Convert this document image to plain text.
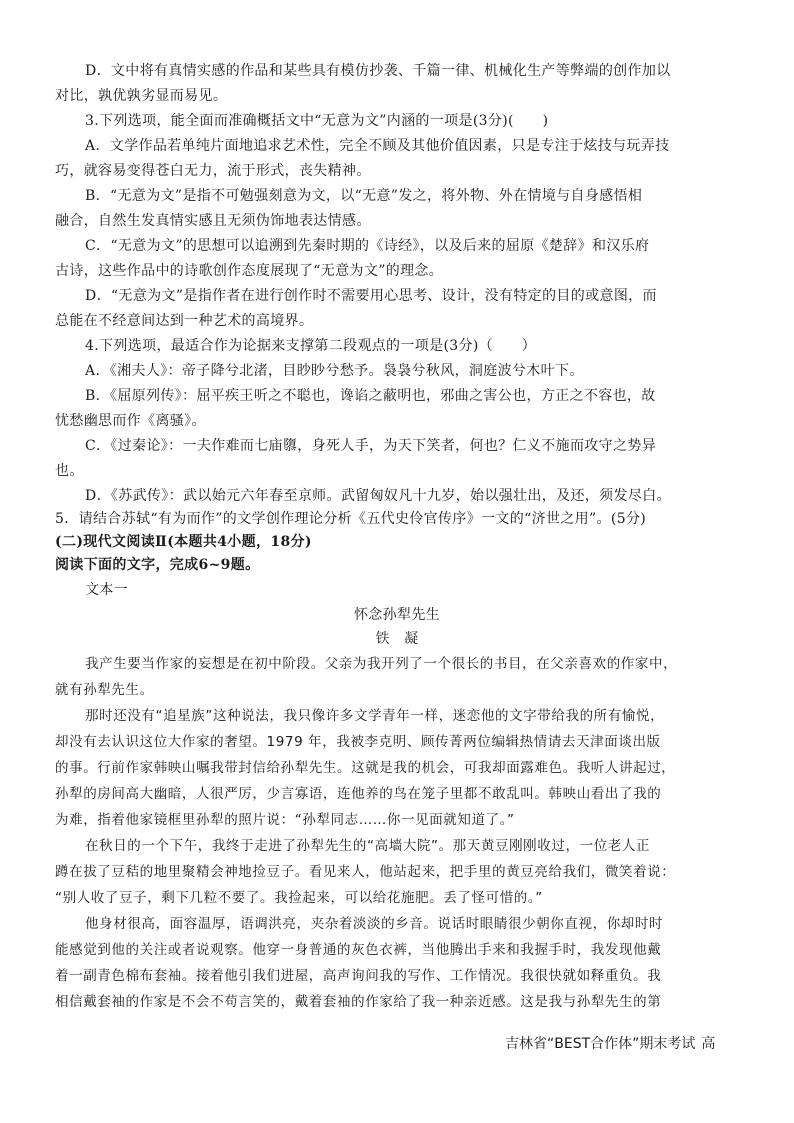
D．文中将有真情实感的作品和某些具有模仿抄袭、千篇一律、机械化生产等弊端的创作加以
对比，孰优孰劣显而易见。
3.下列选项，能全面而准确概括文中“无意为文”内涵的一项是(3分)(　　)
A．文学作品若单纯片面地追求艺术性，完全不顾及其他价值因素，只是专注于炫技与玩弄技
巧，就容易变得苍白无力，流于形式，丧失精神。
B．“无意为文”是指不可勉强刻意为文，以“无意”发之，将外物、外在情境与自身感悟相
融合，自然生发真情实感且无须伪饰地表达情感。
C．“无意为文”的思想可以追溯到先秦时期的《诗经》，以及后来的屈原《楚辞》和汉乐府
古诗，这些作品中的诗歌创作态度展现了“无意为文”的理念。
D．“无意为文”是指作者在进行创作时不需要用心思考、设计，没有特定的目的或意图，而
总能在不经意间达到一种艺术的高境界。
4.下列选项，最适合作为论据来支撑第二段观点的一项是(3分)（　　）
A．《湘夫人》：帝子降兮北渚，目眇眇兮愁予。袅袅兮秋风，洞庭波兮木叶下。
B．《屈原列传》：屈平疾王听之不聪也，谗谄之蔽明也，邪曲之害公也，方正之不容也，故
忧愁幽思而作《离骚》。
C．《过秦论》：一夫作难而七庙隳，身死人手，为天下笑者，何也？仁义不施而攻守之势异
也。
D．《苏武传》：武以始元六年春至京师。武留匈奴凡十九岁，始以强壮出，及还，须发尽白。
5．请结合苏轼“有为而作”的文学创作理论分析《五代史伶官传序》一文的“济世之用”。(5分)
(二)现代文阅读Ⅱ(本题共4小题，18分)
阅读下面的文字，完成6~9题。
文本一
怀念孙犁先生
铁　凝
我产生要当作家的妄想是在初中阶段。父亲为我开列了一个很长的书目，在父亲喜欢的作家中，
就有孙犁先生。
那时还没有“追星族”这种说法，我只像许多文学青年一样，迷恋他的文字带给我的所有愉悦，
却没有去认识这位大作家的奢望。1979 年，我被李克明、顾传菁两位编辑热情请去天津面谈出版
的事。行前作家韩映山嘱我带封信给孙犁先生。这就是我的机会，可我却面露难色。我听人讲起过，
孙犁的房间高大幽暗，人很严厉，少言寡语，连他养的鸟在笼子里都不敢乱叫。韩映山看出了我的
为难，指着他家镜框里孙犁的照片说：“孙犁同志……你一见面就知道了。”
在秋日的一个下午，我终于走进了孙犁先生的“高墙大院”。那天黄豆刚刚收过，一位老人正
蹲在拔了豆秸的地里聚精会神地捡豆子。看见来人，他站起来，把手里的黄豆亮给我们，微笑着说：
“别人收了豆子，剩下几粒不要了。我捡起来，可以给花施肥。丢了怪可惜的。”
他身材很高，面容温厚，语调洪亮，夹杂着淡淡的乡音。说话时眼睛很少朝你直视，你却时时
能感觉到他的关注或者说观察。他穿一身普通的灰色衣裤，当他腾出手来和我握手时，我发现他戴
着一副青色棉布套袖。接着他引我们进屋，高声询问我的写作、工作情况。我很快就如释重负。我
相信戴套袖的作家是不会不苟言笑的，戴着套袖的作家给了我一种亲近感。这是我与孙犁先生的第
吉林省“BEST合作体”期末考试 高
